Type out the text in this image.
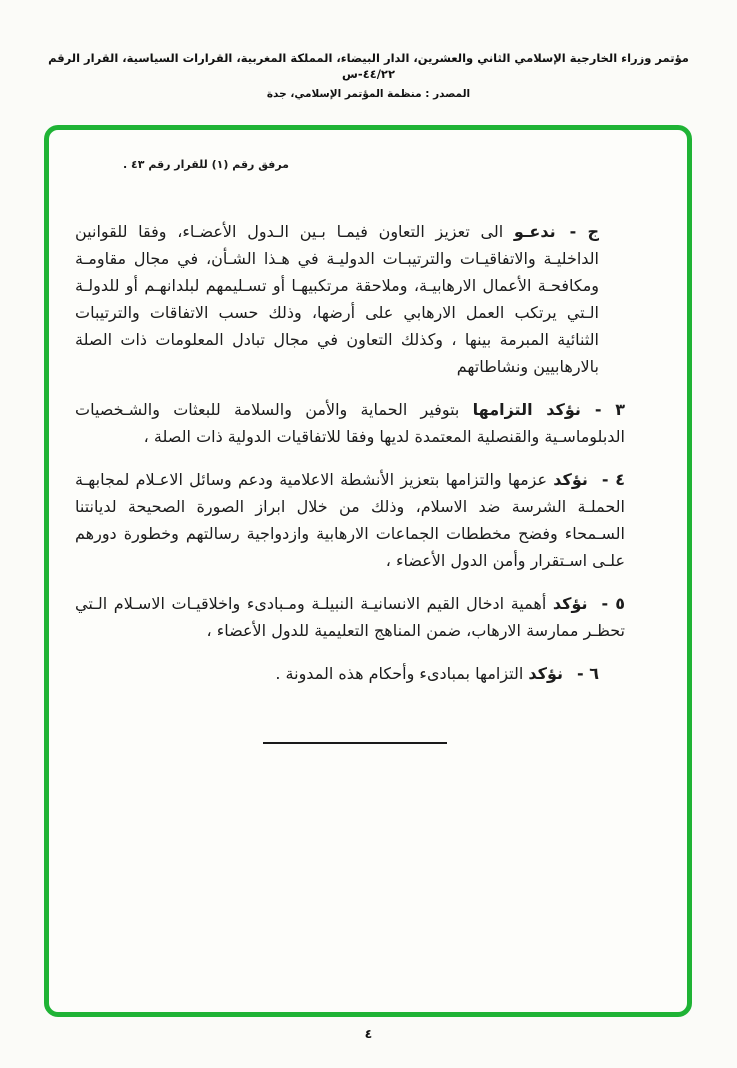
مؤتمر وزراء الخارجية الإسلامي الثاني والعشرين، الدار البيضاء، المملكة المغربية، القرارات السياسية، القرار الرقم ٤٤/٢٢-س
المصدر : منظمة المؤتمر الإسلامي، جدة
مرفق رقم (١) للقرار رقم ٤٣ .
ج -ندعـو الى تعزيز التعاون فيمـا بـين الـدول الأعضـاء، وفقا للقوانين الداخليـة والاتفاقيـات والترتيبـات الدوليـة في هـذا الشـأن، في مجال مقاومـة ومكافحـة الأعمال الارهابيـة، وملاحقة مرتكبيهـا أو تسـليمهم لبلدانهـم أو للدولـة الـتي يرتكب العمل الارهابي على أرضها، وذلك حسب الاتفاقات والترتيبات الثنائية المبرمة بينها ، وكذلك التعاون في مجال تبادل المعلومات ذات الصلة بالارهابيين ونشاطاتهم
٣ -نؤكد التزامها بتوفير الحماية والأمن والسلامة للبعثات والشـخصيات الدبلوماسـية والقنصلية المعتمدة لديها وفقا للاتفاقيات الدولية ذات الصلة ،
٤ -نؤكد عزمها والتزامها بتعزيز الأنشطة الاعلامية ودعم وسائل الاعـلام لمجابهـة الحملـة الشرسة ضد الاسلام، وذلك من خلال ابراز الصورة الصحيحة لديانتنا السـمحاء وفضح مخططات الجماعات الارهابية وازدواجية رسالتهم وخطورة دورهم علـى اسـتقرار وأمن الدول الأعضاء ،
٥ -نؤكد أهمية ادخال القيم الانسانيـة النبيلـة ومـبادىء واخلاقيـات الاسـلام الـتي تحظـر ممارسة الارهاب، ضمن المناهج التعليمية للدول الأعضاء ،
٦ -نؤكد التزامها بمبادىء وأحكام هذه المدونة .
٤
